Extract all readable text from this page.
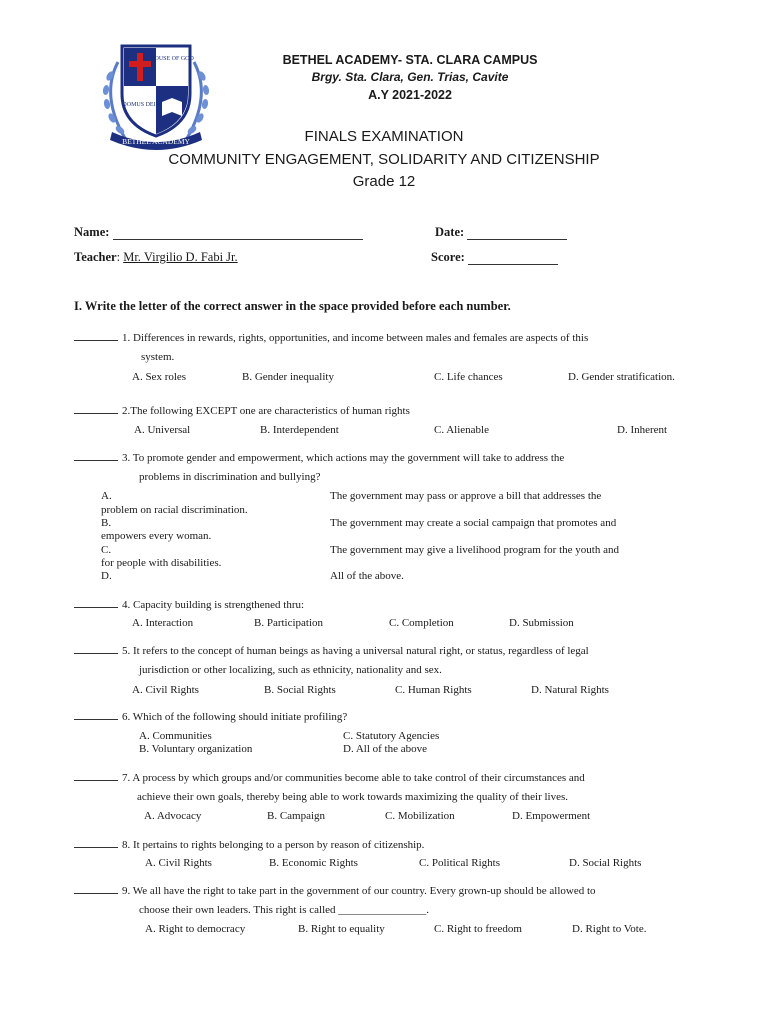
HOUSE OF GOD
DOMUS DEI
BETHEL ACADEMY
BETHEL ACADEMY- STA. CLARA CAMPUS
Brgy. Sta. Clara, Gen. Trias, Cavite
A.Y 2021-2022
FINALS EXAMINATION
COMMUNITY ENGAGEMENT, SOLIDARITY AND CITIZENSHIP
Grade 12
Name:	Date:
Teacher: Mr. Virgilio D. Fabi Jr.	Score:
I. Write the letter of the correct answer in the space provided before each number.
1. Differences in rewards, rights, opportunities, and income between males and females are aspects of this
system.
A. Sex roles	B. Gender inequality	C. Life chances	D. Gender stratification.
2.The following EXCEPT one are characteristics of human rights
A. Universal	B. Interdependent	C. Alienable	D. Inherent
3. To promote gender and empowerment, which actions may the government will take to address the
problems in discrimination and bullying?
A.	The government may pass or approve a bill that addresses the
problem on racial discrimination.
B.	The government may create a social campaign that promotes and
empowers every woman.
C.	The government may give a livelihood program for the youth and
for people with disabilities.
D.	All of the above.
4. Capacity building is strengthened thru:
A. Interaction	B. Participation	C. Completion	D. Submission
5. It refers to the concept of human beings as having a universal natural right, or status, regardless of legal
jurisdiction or other localizing, such as ethnicity, nationality and sex.
A. Civil Rights	B. Social Rights	C. Human Rights	D. Natural Rights
6. Which of the following should initiate profiling?
A. Communities	C. Statutory Agencies
B. Voluntary organization	D. All of the above
7. A process by which groups and/or communities become able to take control of their circumstances and
achieve their own goals, thereby being able to work towards maximizing the quality of their lives.
A. Advocacy	B. Campaign	C. Mobilization	D. Empowerment
8. It pertains to rights belonging to a person by reason of citizenship.
A. Civil Rights	B. Economic Rights	C. Political Rights	D. Social Rights
9. We all have the right to take part in the government of our country. Every grown-up should be allowed to
choose their own leaders. This right is called ________________.
A. Right to democracy	B. Right to equality	C. Right to freedom	D. Right to Vote.
